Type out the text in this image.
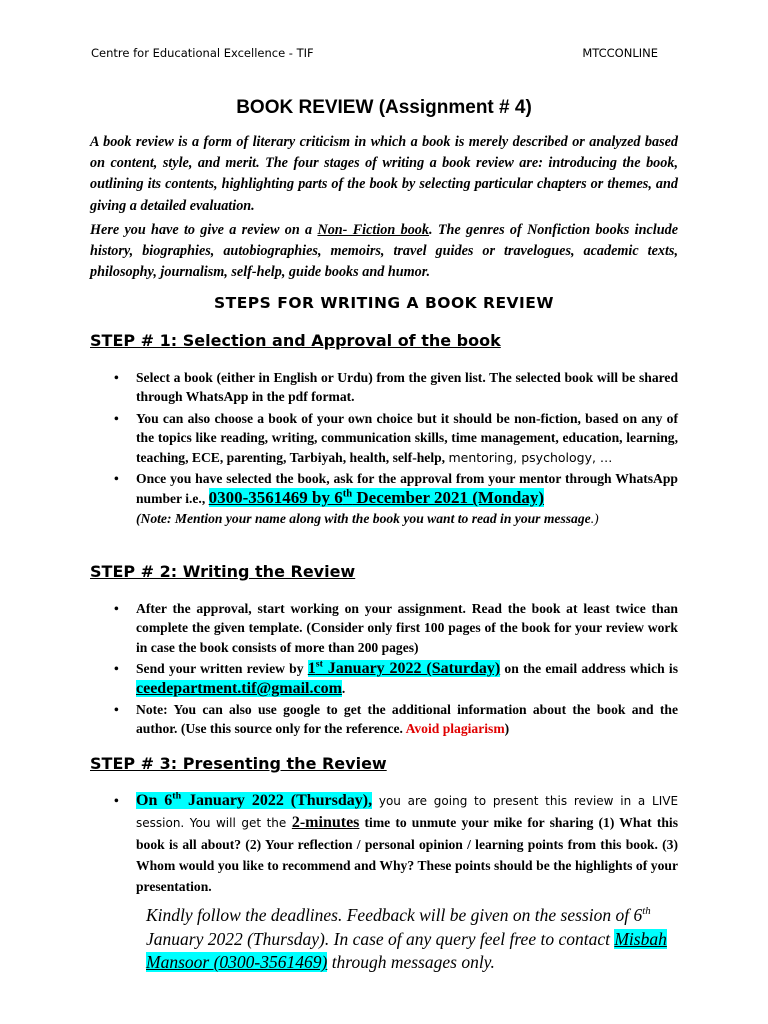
Centre for Educational Excellence - TIF	MTCCONLINE
BOOK REVIEW (Assignment # 4)

A book review is a form of literary criticism in which a book is merely described or analyzed based on content, style, and merit. The four stages of writing a book review are: introducing the book, outlining its contents, highlighting parts of the book by selecting particular chapters or themes, and giving a detailed evaluation.

Here you have to give a review on a Non- Fiction book. The genres of Nonfiction books include history, biographies, autobiographies, memoirs, travel guides or travelogues, academic texts, philosophy, journalism, self-help, guide books and humor.

STEPS FOR WRITING A BOOK REVIEW
STEP # 1: Selection and Approval of the book
• Select a book (either in English or Urdu) from the given list. The selected book will be shared through WhatsApp in the pdf format.
• You can also choose a book of your own choice but it should be non-fiction, based on any of the topics like reading, writing, communication skills, time management, education, learning, teaching, ECE, parenting, Tarbiyah, health, self-help, mentoring, psychology, …
• Once you have selected the book, ask for the approval from your mentor through WhatsApp number i.e., 0300-3561469 by 6th December 2021 (Monday)
(Note: Mention your name along with the book you want to read in your message.)
STEP # 2: Writing the Review
• After the approval, start working on your assignment. Read the book at least twice than complete the given template. (Consider only first 100 pages of the book for your review work in case the book consists of more than 200 pages)
• Send your written review by 1st January 2022 (Saturday) on the email address which is ceedepartment.tif@gmail.com.
• Note: You can also use google to get the additional information about the book and the author. (Use this source only for the reference. Avoid plagiarism)
STEP # 3: Presenting the Review
• On 6th January 2022 (Thursday), you are going to present this review in a LIVE session. You will get the 2-minutes time to unmute your mike for sharing (1) What this book is all about? (2) Your reflection / personal opinion / learning points from this book. (3) Whom would you like to recommend and Why? These points should be the highlights of your presentation.
Kindly follow the deadlines. Feedback will be given on the session of 6th January 2022 (Thursday). In case of any query feel free to contact Misbah Mansoor (0300-3561469) through messages only.
